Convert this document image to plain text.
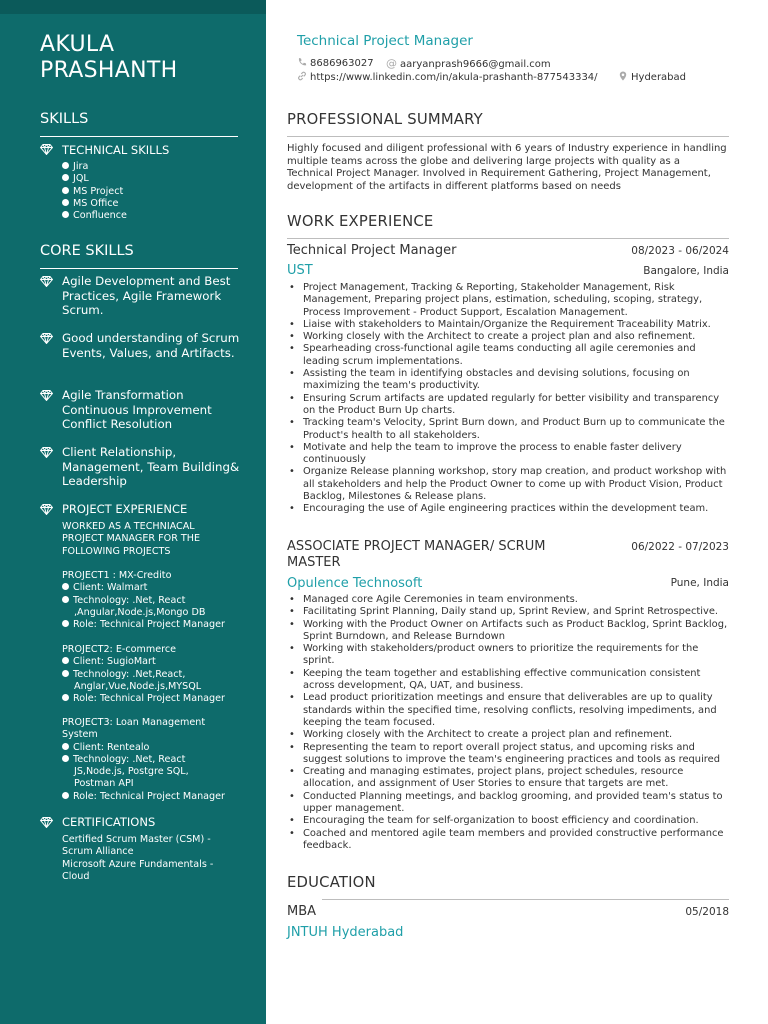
AKULA
PRASHANTH
SKILLS
TECHNICAL SKILLS
Jira
JQL
MS Project
MS Office
Confluence
CORE SKILLS
Agile Development and Best Practices, Agile Framework Scrum.
Good understanding of Scrum Events, Values, and Artifacts.
Agile Transformation Continuous Improvement Conflict Resolution
Client Relationship, Management, Team Building& Leadership
PROJECT EXPERIENCE
WORKED AS A TECHNIACAL PROJECT MANAGER FOR THE FOLLOWING PROJECTS
PROJECT1 : MX-Credito
Client: Walmart
Technology: .Net, React ,Angular,Node.js,Mongo DB
Role: Technical Project Manager
PROJECT2: E-commerce
Client: SugioMart
Technology: .Net,React, Anglar,Vue,Node.js,MYSQL
Role: Technical Project Manager
PROJECT3: Loan Management System
Client: Rentealo
Technology: .Net, React JS,Node.js, Postgre SQL, Postman API
Role: Technical Project Manager
CERTIFICATIONS
Certified Scrum Master (CSM) - Scrum Alliance
Microsoft Azure Fundamentals - Cloud
Technical Project Manager
8686963027 @ aaryanprash9666@gmail.com
https://www.linkedin.com/in/akula-prashanth-877543334/	Hyderabad
PROFESSIONAL SUMMARY
Highly focused and diligent professional with 6 years of Industry experience in handling multiple teams across the globe and delivering large projects with quality as a Technical Project Manager. Involved in Requirement Gathering, Project Management, development of the artifacts in different platforms based on needs
WORK EXPERIENCE
Technical Project Manager	08/2023 - 06/2024
UST	Bangalore, India
• Project Management, Tracking & Reporting, Stakeholder Management, Risk Management, Preparing project plans, estimation, scheduling, scoping, strategy, Process Improvement - Product Support, Escalation Management.
• Liaise with stakeholders to Maintain/Organize the Requirement Traceability Matrix.
• Working closely with the Architect to create a project plan and also refinement.
• Spearheading cross-functional agile teams conducting all agile ceremonies and leading scrum implementations.
• Assisting the team in identifying obstacles and devising solutions, focusing on maximizing the team's productivity.
• Ensuring Scrum artifacts are updated regularly for better visibility and transparency on the Product Burn Up charts.
• Tracking team's Velocity, Sprint Burn down, and Product Burn up to communicate the Product's health to all stakeholders.
• Motivate and help the team to improve the process to enable faster delivery continuously
• Organize Release planning workshop, story map creation, and product workshop with all stakeholders and help the Product Owner to come up with Product Vision, Product Backlog, Milestones & Release plans.
• Encouraging the use of Agile engineering practices within the development team.
ASSOCIATE PROJECT MANAGER/ SCRUM MASTER
06/2022 - 07/2023
Opulence Technosoft	Pune, India
• Managed core Agile Ceremonies in team environments.
• Facilitating Sprint Planning, Daily stand up, Sprint Review, and Sprint Retrospective.
• Working with the Product Owner on Artifacts such as Product Backlog, Sprint Backlog, Sprint Burndown, and Release Burndown
• Working with stakeholders/product owners to prioritize the requirements for the sprint.
• Keeping the team together and establishing effective communication consistent across development, QA, UAT, and business.
• Lead product prioritization meetings and ensure that deliverables are up to quality standards within the specified time, resolving conflicts, resolving impediments, and keeping the team focused.
• Working closely with the Architect to create a project plan and refinement.
• Representing the team to report overall project status, and upcoming risks and suggest solutions to improve the team's engineering practices and tools as required
• Creating and managing estimates, project plans, project schedules, resource allocation, and assignment of User Stories to ensure that targets are met.
• Conducted Planning meetings, and backlog grooming, and provided team's status to upper management.
• Encouraging the team for self-organization to boost efficiency and coordination.
• Coached and mentored agile team members and provided constructive performance feedback.
EDUCATION
MBA	05/2018
JNTUH Hyderabad
